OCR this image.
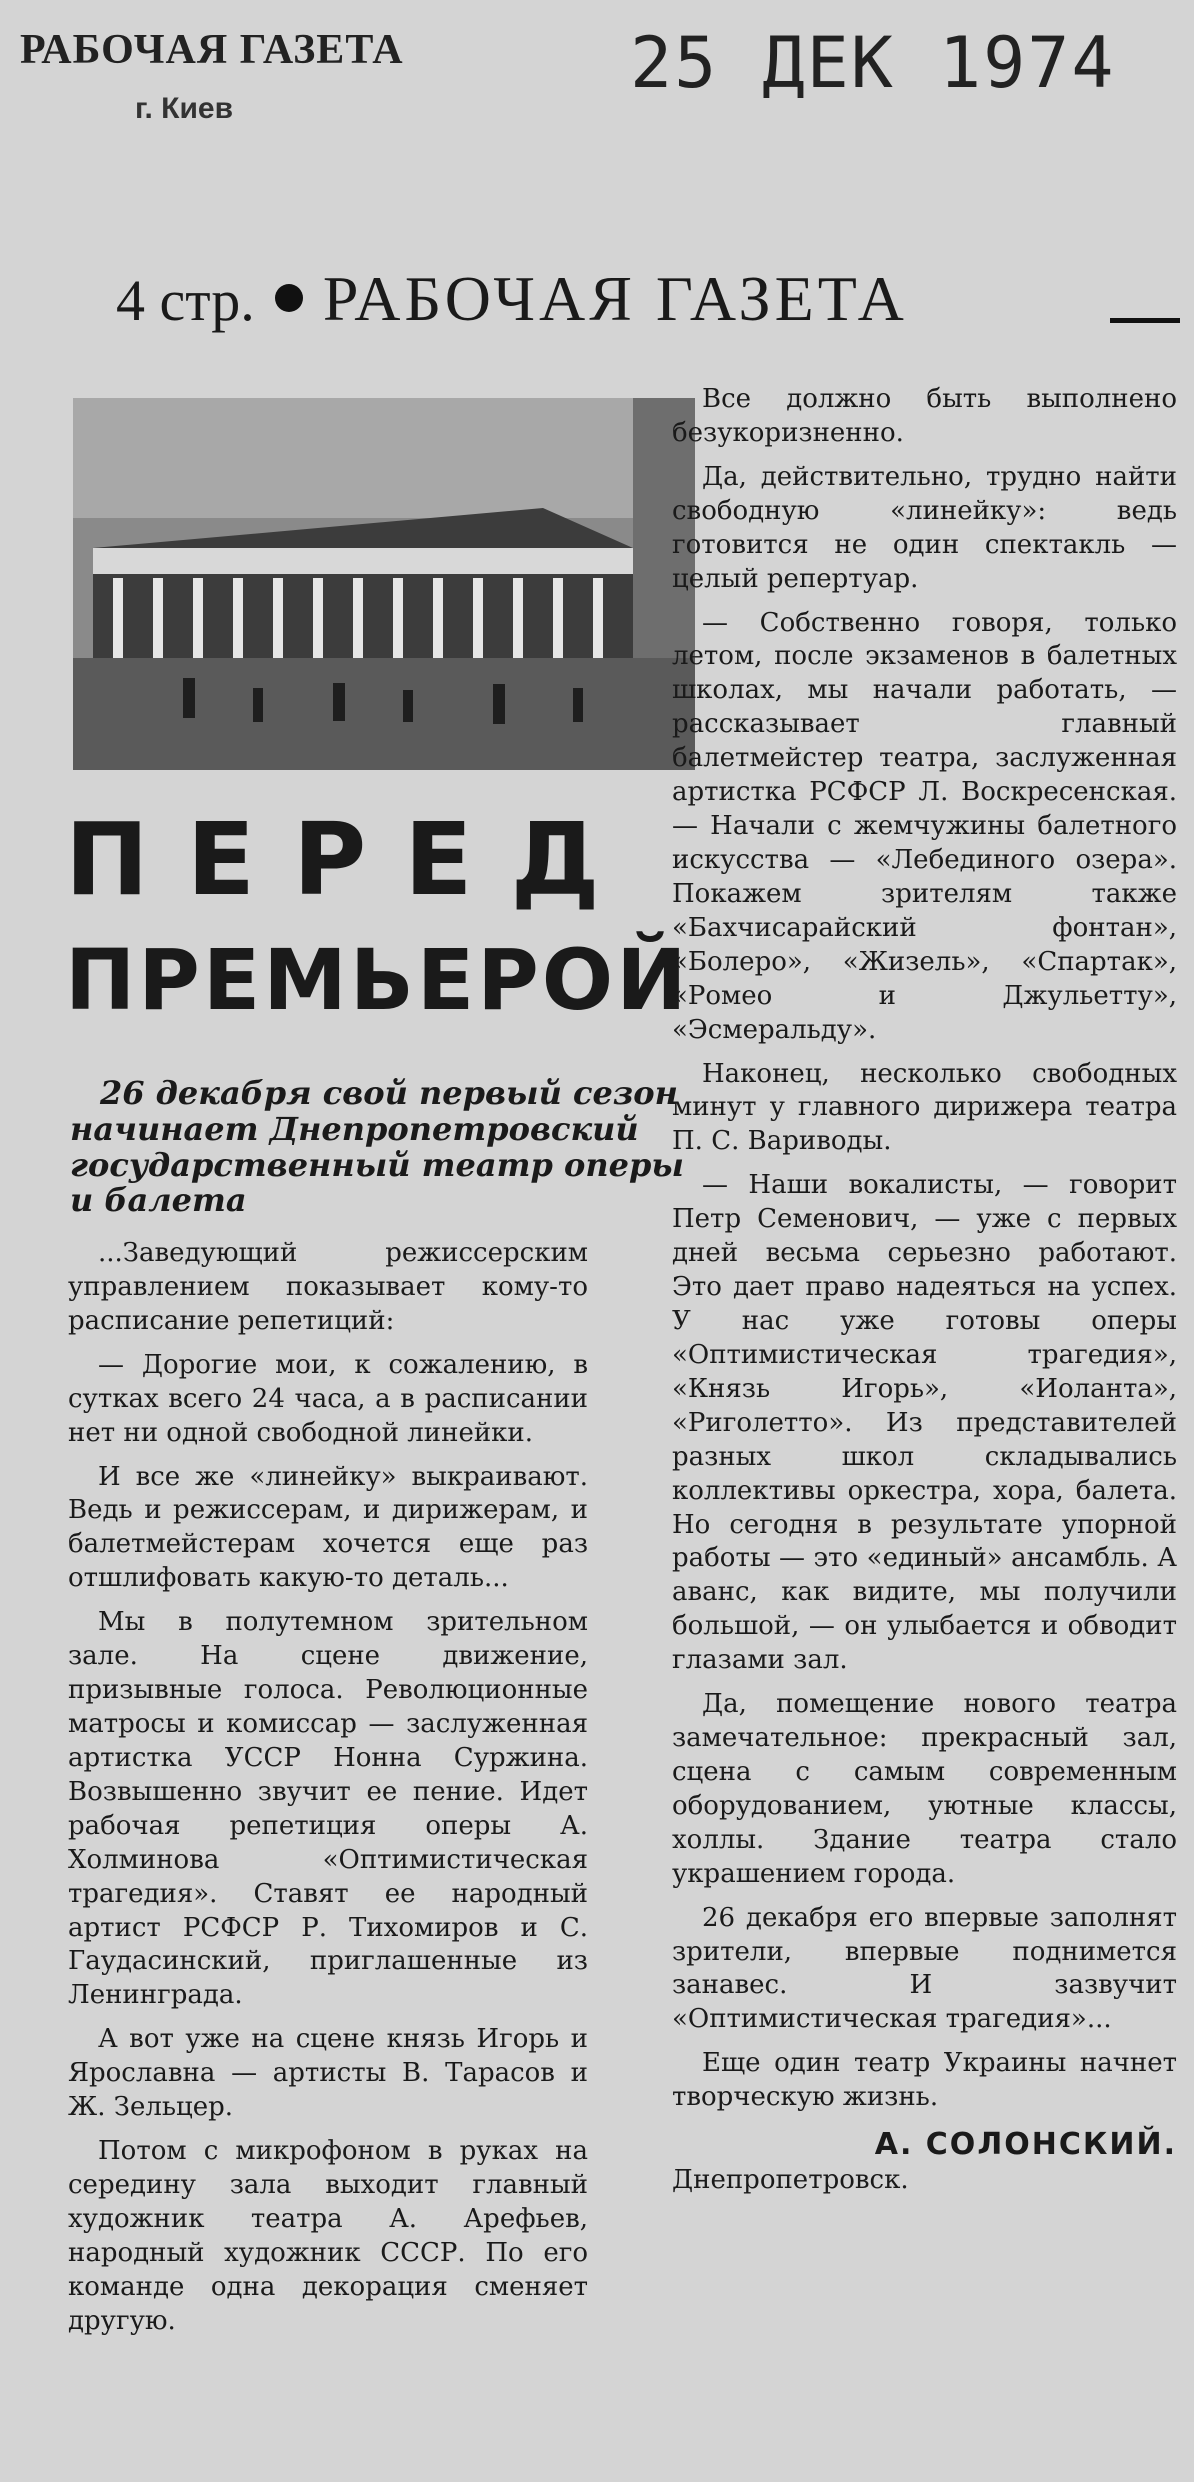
РАБОЧАЯ ГАЗЕТА
г. Киев
25 ДЕК 1974
4 стр. РАБОЧАЯ ГАЗЕТА
ПЕРЕД
ПРЕМЬЕРОЙ
26 декабря свой первый сезон начинает Днепропетровский государственный театр оперы и балета

...Заведующий режиссерским управлением показывает кому-то расписание репетиций:

— Дорогие мои, к сожалению, в сутках всего 24 часа, а в расписании нет ни одной свободной линейки.

И все же «линейку» выкраивают. Ведь и режиссерам, и дирижерам, и балетмейстерам хочется еще раз отшлифовать какую-то деталь...

Мы в полутемном зрительном зале. На сцене движение, призывные голоса. Революционные матросы и комиссар — заслуженная артистка УССР Нонна Суржина. Возвышенно звучит ее пение. Идет рабочая репетиция оперы А. Холминова «Оптимистическая трагедия». Ставят ее народный артист РСФСР Р. Тихомиров и С. Гаудасинский, приглашенные из Ленинграда.

А вот уже на сцене князь Игорь и Ярославна — артисты В. Тарасов и Ж. Зельцер.

Потом с микрофоном в руках на середину зала выходит главный художник театра А. Арефьев, народный художник СССР. По его команде одна декорация сменяет другую.

Все должно быть выполнено безукоризненно.

Да, действительно, трудно найти свободную «линейку»: ведь готовится не один спектакль — целый репертуар.

— Собственно говоря, только летом, после экзаменов в балетных школах, мы начали работать, — рассказывает главный балетмейстер театра, заслуженная артистка РСФСР Л. Воскресенская. — Начали с жемчужины балетного искусства — «Лебединого озера». Покажем зрителям также «Бахчисарайский фонтан», «Болеро», «Жизель», «Спартак», «Ромео и Джульетту», «Эсмеральду».

Наконец, несколько свободных минут у главного дирижера театра П. С. Вариводы.

— Наши вокалисты, — говорит Петр Семенович, — уже с первых дней весьма серьезно работают. Это дает право надеяться на успех. У нас уже готовы оперы «Оптимистическая трагедия», «Князь Игорь», «Иоланта», «Риголетто». Из представителей разных школ складывались коллективы оркестра, хора, балета. Но сегодня в результате упорной работы — это «единый» ансамбль. А аванс, как видите, мы получили большой, — он улыбается и обводит глазами зал.

Да, помещение нового театра замечательное: прекрасный зал, сцена с самым современным оборудованием, уютные классы, холлы. Здание театра стало украшением города.

26 декабря его впервые заполнят зрители, впервые поднимется занавес. И зазвучит «Оптимистическая трагедия»...

Еще один театр Украины начнет творческую жизнь.

А. СОЛОНСКИЙ.

Днепропетровск.
